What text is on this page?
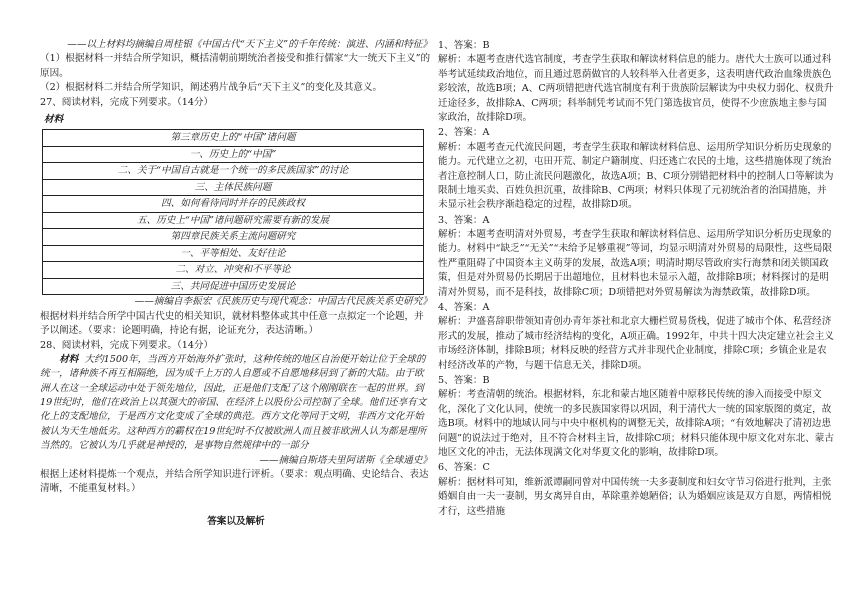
——以上材料均摘编自周桂银《中国古代“天下主义”的千年传统：演进、内涵和特征》

（1）根据材料一并结合所学知识，概括清朝前期统治者接受和推行儒家“大一统天下主义”的原因。

（2）根据材料二并结合所学知识，阐述鸦片战争后“天下主义”的变化及其意义。

27、阅读材料，完成下列要求。（14分）

材料

第三章历史上的“中国”诸问题
一、历史上的“中国”
二、关于“中国自古就是一个统一的多民族国家”的讨论
三、主体民族问题
四、如何看待同时并存的民族政权
五、历史上“中国”诸问题研究需要有新的发展
第四章民族关系主流问题研究
一、平等相处、友好往论
二、对立、冲突和不平等论
三、共同促进中国历史发展论

——摘编自李振宏《民族历史与现代观念：中国古代民族关系史研究》

根据材料并结合所学中国古代史的相关知识，就材料整体或其中任意一点拟定一个论题，并予以阐述。（要求：论题明确，持论有据，论证充分，表达清晰。）

28、阅读材料，完成下列要求。（14分）

材料 大约1500年，当西方开始海外扩张时，这种传统的地区自治便开始让位于全球的统一，诸种族不再互相隔绝，因为成千上万的人自愿或不自愿地移居到了新的大陆。由于欧洲人在这一全球运动中处于领先地位，因此，正是他们支配了这个刚刚联在一起的世界。到19世纪时，他们在政治上以其强大的帝国、在经济上以股份公司控制了全球。他们还享有文化上的支配地位，于是西方文化变成了全球的典范。西方文化等同于文明，非西方文化开始被认为天生地低劣。这种西方的霸权在19世纪时不仅被欧洲人而且被非欧洲人认为都是理所当然的。它被认为几乎就是神授的，是事物自然规律中的一部分

——摘编自斯塔夫里阿诺斯《全球通史》

根据上述材料提炼一个观点，并结合所学知识进行评析。（要求：观点明确、史论结合、表达清晰，不能重复材料。）

答案以及解析

1、答案：B

解析：本题考查唐代选官制度，考查学生获取和解读材料信息的能力。唐代大士族可以通过科举考试延续政治地位，而且通过恩荫做官的人较科举入仕者更多，这表明唐代政治血缘贵族色彩较浓，故选B项；A、C两项错把唐代选官制度有利于贵族阶层解读为中央权力弱化、权贵升迁途径多，故排除A、C两项；科举制凭考试而不凭门第选拔官员，使得不少庶族地主参与国家政治，故排除D项。

2、答案：A

解析：本题考查元代流民问题，考查学生获取和解读材料信息、运用所学知识分析历史现象的能力。元代建立之初，屯田开荒、制定户籍制度、归还逃亡农民的土地，这些措施体现了统治者注意控制人口，防止流民问题激化，故选A项；B、C项分别错把材料中的控制人口等解读为限制土地买卖、百姓负担沉重，故排除B、C两项；材料只体现了元初统治者的治国措施，并未显示社会秩序渐趋稳定的过程，故排除D项。

3、答案：A

解析：本题考查明清对外贸易，考查学生获取和解读材料信息、运用所学知识分析历史现象的能力。材料中“缺乏”“无关”“未给予足够重视”等词，均显示明清对外贸易的局限性，这些局限性严重阻碍了中国资本主义萌芽的发展，故选A项；明清时期尽管政府实行海禁和闭关锁国政策，但是对外贸易仍长期居于出超地位，且材料也未显示入超，故排除B项；材料探讨的是明清对外贸易，而不是科技，故排除C项；D项错把对外贸易解读为海禁政策，故排除D项。

4、答案：A

解析：尹盛喜辞职带领知青创办青年茶社和北京大栅栏贸易货栈，促进了城市个体、私营经济形式的发展，推动了城市经济结构的变化，A项正确。1992年，中共十四大决定建立社会主义市场经济体制，排除B项；材料反映的经营方式并非现代企业制度，排除C项；乡镇企业是农村经济改革的产物，与题干信息无关，排除D项。

5、答案：B

解析：考查清朝的统治。根据材料，东北和蒙古地区随着中原移民传统的渗入而接受中原文化，深化了文化认同，使统一的多民族国家得以巩固，利于清代大一统的国家版图的奠定，故选B项。材料中的地域认同与中央中枢机构的调整无关，故排除A项；“有效地解决了清初边患问题”的说法过于绝对，且不符合材料主旨，故排除C项；材料只能体现中原文化对东北、蒙古地区文化的冲击，无法体现满文化对华夏文化的影响，故排除D项。

6、答案：C

解析：据材料可知，维新派谭嗣同曾对中国传统一夫多妻制度和妇女守节习俗进行批判，主张婚姻自由一夫一妻制，男女离异自由，革除重养媳陋俗；认为婚姻应该是双方自愿，两情相悦才行，这些措施
